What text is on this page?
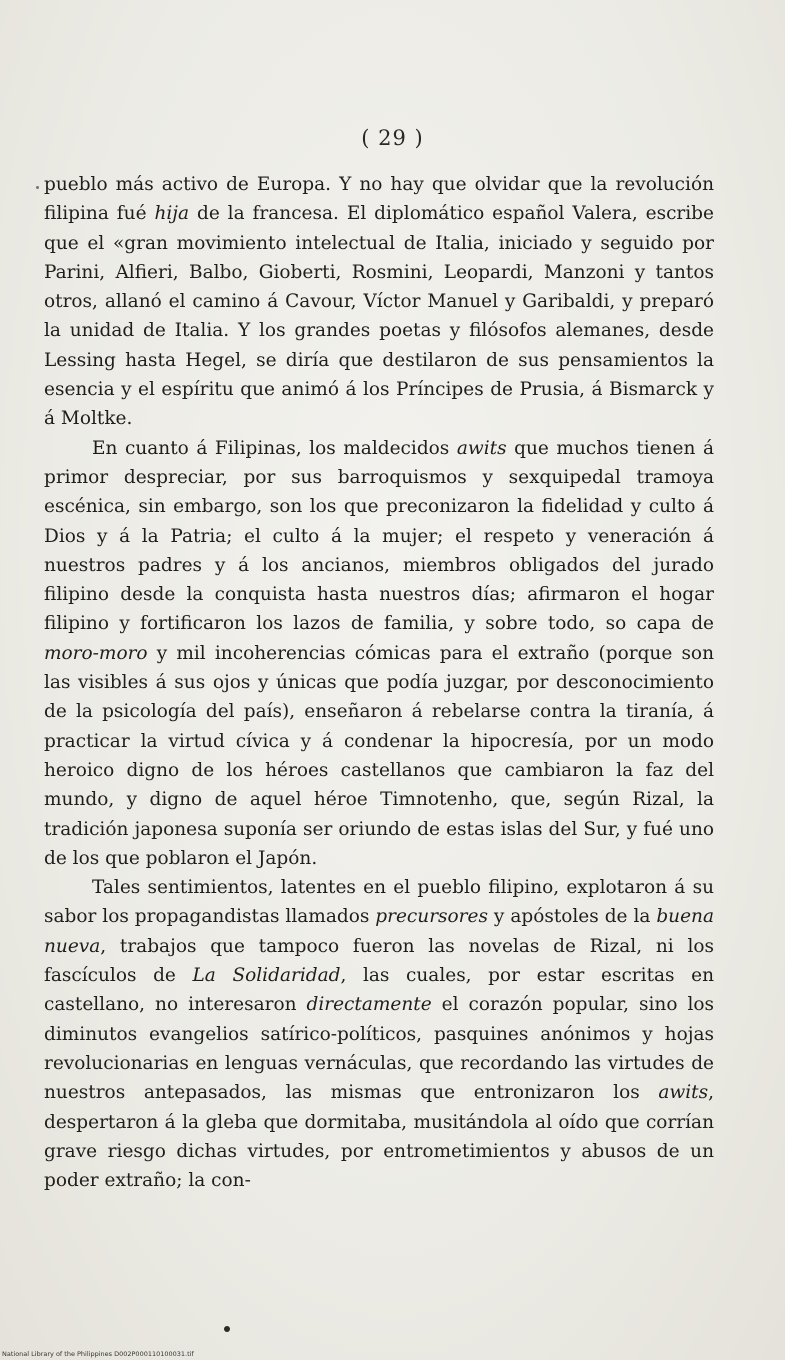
( 29 )

pueblo más activo de Europa. Y no hay que olvidar que la revolución filipina fué hija de la francesa. El diplomático español Valera, escribe que el «gran movimiento intelectual de Italia, iniciado y seguido por Parini, Alfieri, Balbo, Gioberti, Rosmini, Leopardi, Manzoni y tantos otros, allanó el camino á Cavour, Víctor Manuel y Garibaldi, y preparó la unidad de Italia. Y los grandes poetas y filósofos alemanes, desde Lessing hasta Hegel, se diría que destilaron de sus pensamientos la esencia y el espíritu que animó á los Príncipes de Prusia, á Bismarck y á Moltke.

En cuanto á Filipinas, los maldecidos awits que muchos tienen á primor despreciar, por sus barroquismos y sexquipedal tramoya escénica, sin embargo, son los que preconizaron la fidelidad y culto á Dios y á la Patria; el culto á la mujer; el respeto y veneración á nuestros padres y á los ancianos, miembros obligados del jurado filipino desde la conquista hasta nuestros días; afirmaron el hogar filipino y fortificaron los lazos de familia, y sobre todo, so capa de moro-moro y mil incoherencias cómicas para el extraño (porque son las visibles á sus ojos y únicas que podía juzgar, por desconocimiento de la psicología del país), enseñaron á rebelarse contra la tiranía, á practicar la virtud cívica y á condenar la hipocresía, por un modo heroico digno de los héroes castellanos que cambiaron la faz del mundo, y digno de aquel héroe Timnotenho, que, según Rizal, la tradición japonesa suponía ser oriundo de estas islas del Sur, y fué uno de los que poblaron el Japón.

Tales sentimientos, latentes en el pueblo filipino, explotaron á su sabor los propagandistas llamados precursores y apóstoles de la buena nueva, trabajos que tampoco fueron las novelas de Rizal, ni los fascículos de La Solidaridad, las cuales, por estar escritas en castellano, no interesaron directamente el corazón popular, sino los diminutos evangelios satírico-políticos, pasquines anónimos y hojas revolucionarias en lenguas vernáculas, que recordando las virtudes de nuestros antepasados, las mismas que entronizaron los awits, despertaron á la gleba que dormitaba, musitándola al oído que corrían grave riesgo dichas virtudes, por entrometimientos y abusos de un poder extraño; la con-

National Library of the Philippines D002P000110100031.tif
